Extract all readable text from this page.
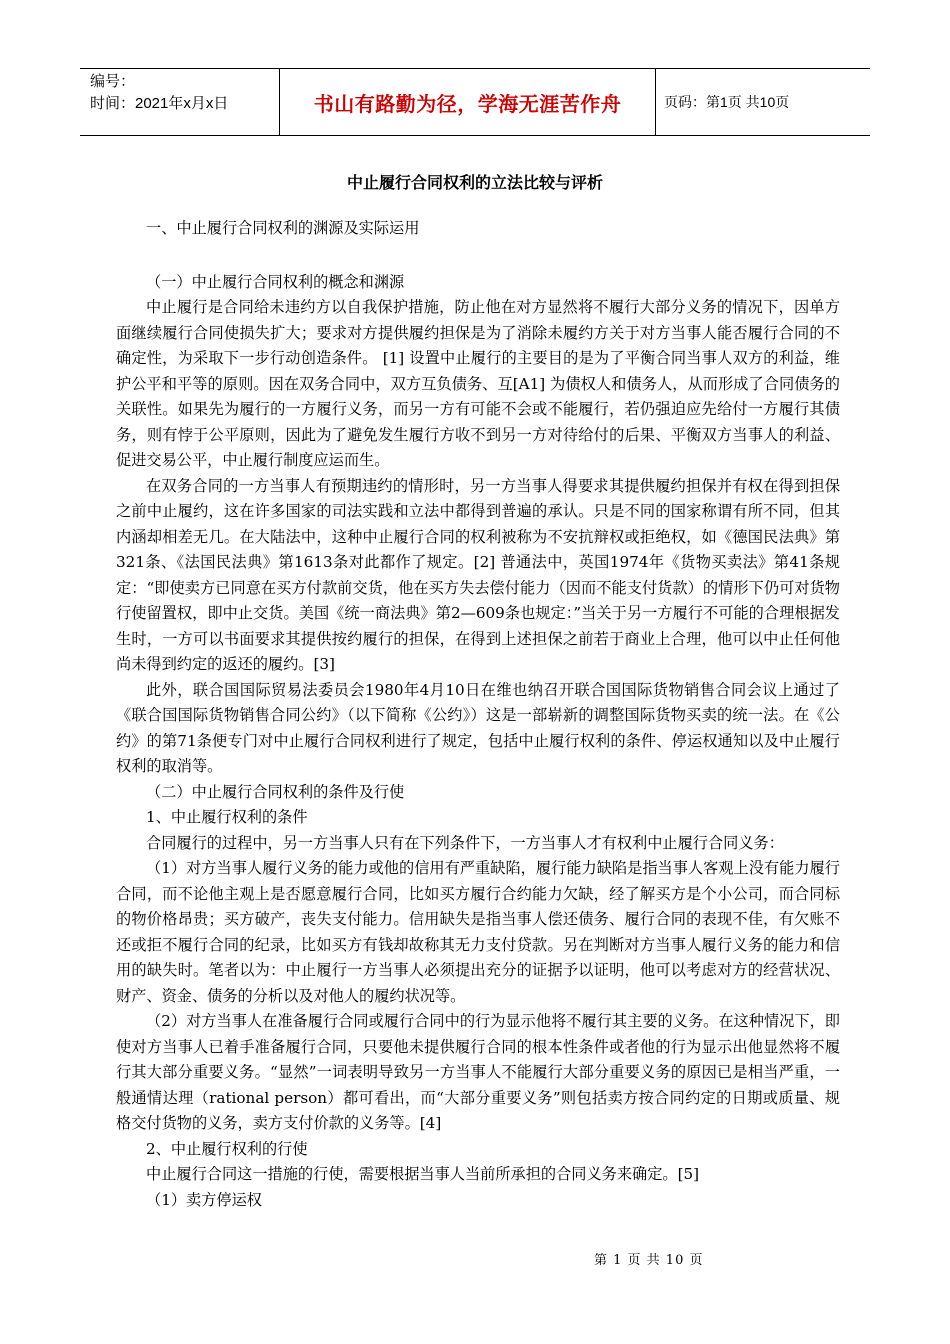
编号：
时间：2021年x月x日	书山有路勤为径，学海无涯苦作舟	页码：第1页 共10页
中止履行合同权利的立法比较与评析

一、中止履行合同权利的渊源及实际运用

（一）中止履行合同权利的概念和渊源

中止履行是合同给未违约方以自我保护措施，防止他在对方显然将不履行大部分义务的情况下，因单方面继续履行合同使损失扩大；要求对方提供履约担保是为了消除未履约方关于对方当事人能否履行合同的不确定性，为采取下一步行动创造条件。 [1] 设置中止履行的主要目的是为了平衡合同当事人双方的利益，维护公平和平等的原则。因在双务合同中，双方互负债务、互[A1] 为债权人和债务人，从而形成了合同债务的关联性。如果先为履行的一方履行义务，而另一方有可能不会或不能履行，若仍强迫应先给付一方履行其债务，则有悖于公平原则，因此为了避免发生履行方收不到另一方对待给付的后果、平衡双方当事人的利益、促进交易公平，中止履行制度应运而生。

在双务合同的一方当事人有预期违约的情形时，另一方当事人得要求其提供履约担保并有权在得到担保之前中止履约，这在许多国家的司法实践和立法中都得到普遍的承认。只是不同的国家称谓有所不同，但其内涵却相差无几。在大陆法中，这种中止履行合同的权利被称为不安抗辩权或拒绝权，如《德国民法典》第321条、《法国民法典》第1613条对此都作了规定。[2] 普通法中，英国1974年《货物买卖法》第41条规定：“即使卖方已同意在买方付款前交货，他在买方失去偿付能力（因而不能支付货款）的情形下仍可对货物行使留置权，即中止交货。美国《统一商法典》第2—609条也规定：”当关于另一方履行不可能的合理根据发生时，一方可以书面要求其提供按约履行的担保，在得到上述担保之前若于商业上合理，他可以中止任何他尚未得到约定的返还的履约。[3]

此外，联合国国际贸易法委员会1980年4月10日在维也纳召开联合国国际货物销售合同会议上通过了《联合国国际货物销售合同公约》（以下简称《公约》）这是一部崭新的调整国际货物买卖的统一法。在《公约》的第71条便专门对中止履行合同权利进行了规定，包括中止履行权利的条件、停运权通知以及中止履行权利的取消等。

（二）中止履行合同权利的条件及行使

1、中止履行权利的条件

合同履行的过程中，另一方当事人只有在下列条件下，一方当事人才有权利中止履行合同义务：

（1）对方当事人履行义务的能力或他的信用有严重缺陷，履行能力缺陷是指当事人客观上没有能力履行合同，而不论他主观上是否愿意履行合同，比如买方履行合约能力欠缺，经了解买方是个小公司，而合同标的物价格昂贵；买方破产，丧失支付能力。信用缺失是指当事人偿还债务、履行合同的表现不佳，有欠账不还或拒不履行合同的纪录，比如买方有钱却故称其无力支付贷款。另在判断对方当事人履行义务的能力和信用的缺失时。笔者以为：中止履行一方当事人必须提出充分的证据予以证明，他可以考虑对方的经营状况、财产、资金、债务的分析以及对他人的履约状况等。

（2）对方当事人在准备履行合同或履行合同中的行为显示他将不履行其主要的义务。在这种情况下，即使对方当事人已着手准备履行合同，只要他未提供履行合同的根本性条件或者他的行为显示出他显然将不履行其大部分重要义务。“显然”一词表明导致另一方当事人不能履行大部分重要义务的原因已是相当严重，一般通情达理（rational person）都可看出，而“大部分重要义务”则包括卖方按合同约定的日期或质量、规格交付货物的义务，卖方支付价款的义务等。[4]

2、中止履行权利的行使

中止履行合同这一措施的行使，需要根据当事人当前所承担的合同义务来确定。[5]

（1）卖方停运权

第 1 页 共 10 页
